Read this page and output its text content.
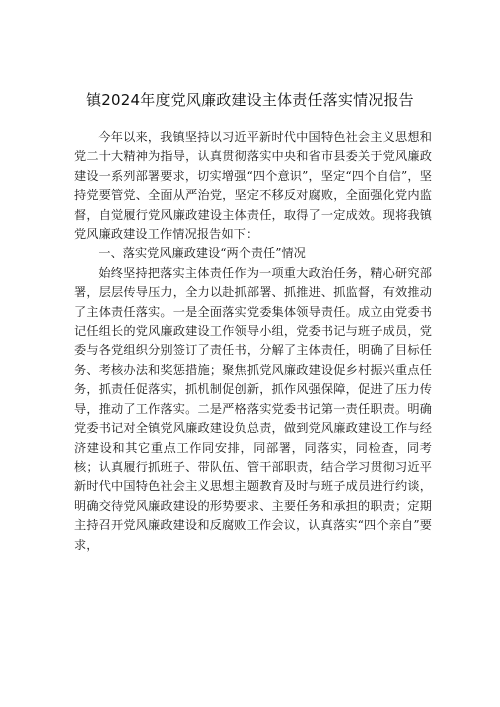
镇2024年度党风廉政建设主体责任落实情况报告

今年以来，我镇坚持以习近平新时代中国特色社会主义思想和党二十大精神为指导，认真贯彻落实中央和省市县委关于党风廉政建设一系列部署要求，切实增强“四个意识”，坚定“四个自信”，坚持党要管党、全面从严治党，坚定不移反对腐败，全面强化党内监督，自觉履行党风廉政建设主体责任，取得了一定成效。现将我镇党风廉政建设工作情况报告如下：

一、落实党风廉政建设“两个责任”情况

始终坚持把落实主体责任作为一项重大政治任务，精心研究部署，层层传导压力，全力以赴抓部署、抓推进、抓监督，有效推动了主体责任落实。一是全面落实党委集体领导责任。成立由党委书记任组长的党风廉政建设工作领导小组，党委书记与班子成员，党委与各党组织分别签订了责任书，分解了主体责任，明确了目标任务、考核办法和奖惩措施；聚焦抓党风廉政建设促乡村振兴重点任务，抓责任促落实，抓机制促创新，抓作风强保障，促进了压力传导，推动了工作落实。二是严格落实党委书记第一责任职责。明确党委书记对全镇党风廉政建设负总责，做到党风廉政建设工作与经济建设和其它重点工作同安排，同部署，同落实，同检查，同考核；认真履行抓班子、带队伍、管干部职责，结合学习贯彻习近平新时代中国特色社会主义思想主题教育及时与班子成员进行约谈，明确交待党风廉政建设的形势要求、主要任务和承担的职责；定期主持召开党风廉政建设和反腐败工作会议，认真落实“四个亲自”要求，
